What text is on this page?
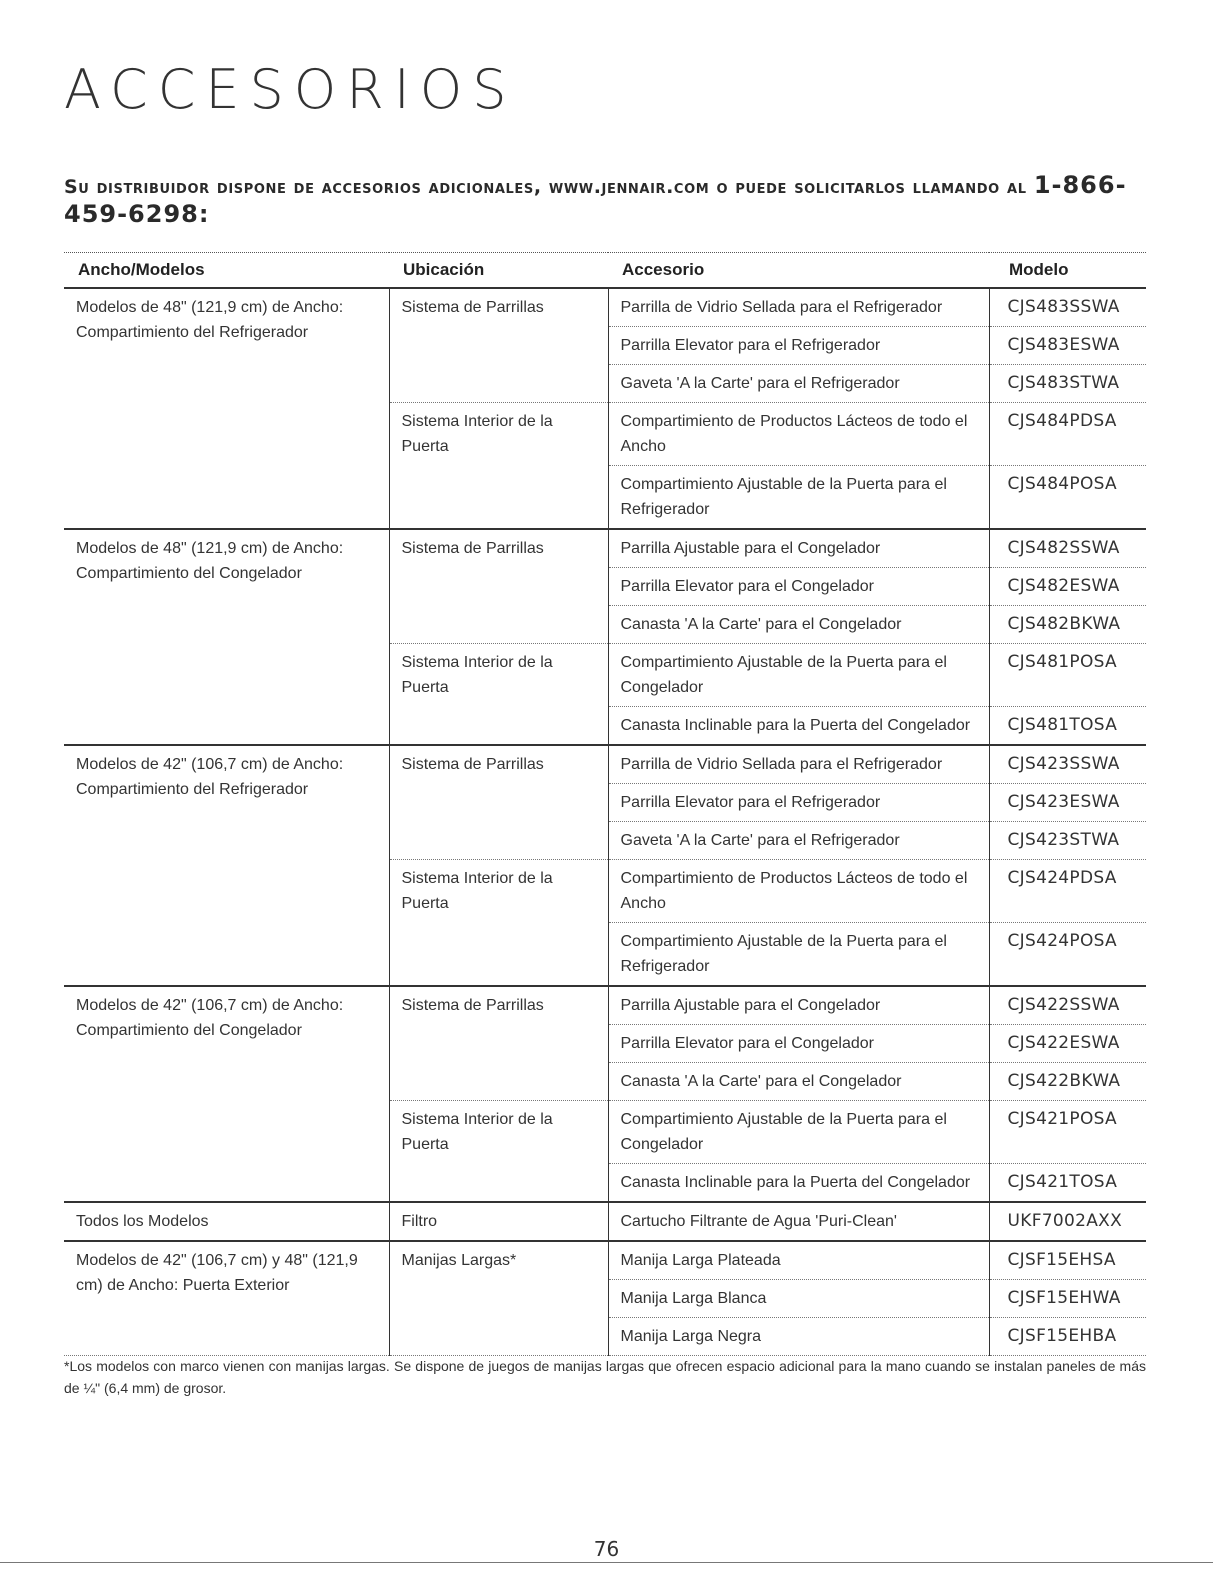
ACCESORIOS

Su distribuidor dispone de accesorios adicionales, www.jennair.com o puede solicitarlos llamando al 1-866-459-6298:

Ancho/Modelos	Ubicación	Accesorio	Modelo
Modelos de 48" (121,9 cm) de Ancho: Compartimiento del Refrigerador	Sistema de Parrillas	Parrilla de Vidrio Sellada para el Refrigerador	CJS483SSWA
		Parrilla Elevator para el Refrigerador	CJS483ESWA
		Gaveta 'A la Carte' para el Refrigerador	CJS483STWA
	Sistema Interior de la Puerta	Compartimiento de Productos Lácteos de todo el Ancho	CJS484PDSA
		Compartimiento Ajustable de la Puerta para el Refrigerador	CJS484POSA
Modelos de 48" (121,9 cm) de Ancho: Compartimiento del Congelador	Sistema de Parrillas	Parrilla Ajustable para el Congelador	CJS482SSWA
		Parrilla Elevator para el Congelador	CJS482ESWA
		Canasta 'A la Carte' para el Congelador	CJS482BKWA
	Sistema Interior de la Puerta	Compartimiento Ajustable de la Puerta para el Congelador	CJS481POSA
		Canasta Inclinable para la Puerta del Congelador	CJS481TOSA
Modelos de 42" (106,7 cm) de Ancho: Compartimiento del Refrigerador	Sistema de Parrillas	Parrilla de Vidrio Sellada para el Refrigerador	CJS423SSWA
		Parrilla Elevator para el Refrigerador	CJS423ESWA
		Gaveta 'A la Carte' para el Refrigerador	CJS423STWA
	Sistema Interior de la Puerta	Compartimiento de Productos Lácteos de todo el Ancho	CJS424PDSA
		Compartimiento Ajustable de la Puerta para el Refrigerador	CJS424POSA
Modelos de 42" (106,7 cm) de Ancho: Compartimiento del Congelador	Sistema de Parrillas	Parrilla Ajustable para el Congelador	CJS422SSWA
		Parrilla Elevator para el Congelador	CJS422ESWA
		Canasta 'A la Carte' para el Congelador	CJS422BKWA
	Sistema Interior de la Puerta	Compartimiento Ajustable de la Puerta para el Congelador	CJS421POSA
		Canasta Inclinable para la Puerta del Congelador	CJS421TOSA
Todos los Modelos	Filtro	Cartucho Filtrante de Agua 'Puri-Clean'	UKF7002AXX
Modelos de 42" (106,7 cm) y 48" (121,9 cm) de Ancho: Puerta Exterior	Manijas Largas*	Manija Larga Plateada	CJSF15EHSA
		Manija Larga Blanca	CJSF15EHWA
		Manija Larga Negra	CJSF15EHBA

*Los modelos con marco vienen con manijas largas. Se dispone de juegos de manijas largas que ofrecen espacio adicional para la mano cuando se instalan paneles de más de ¼" (6,4 mm) de grosor.

76
